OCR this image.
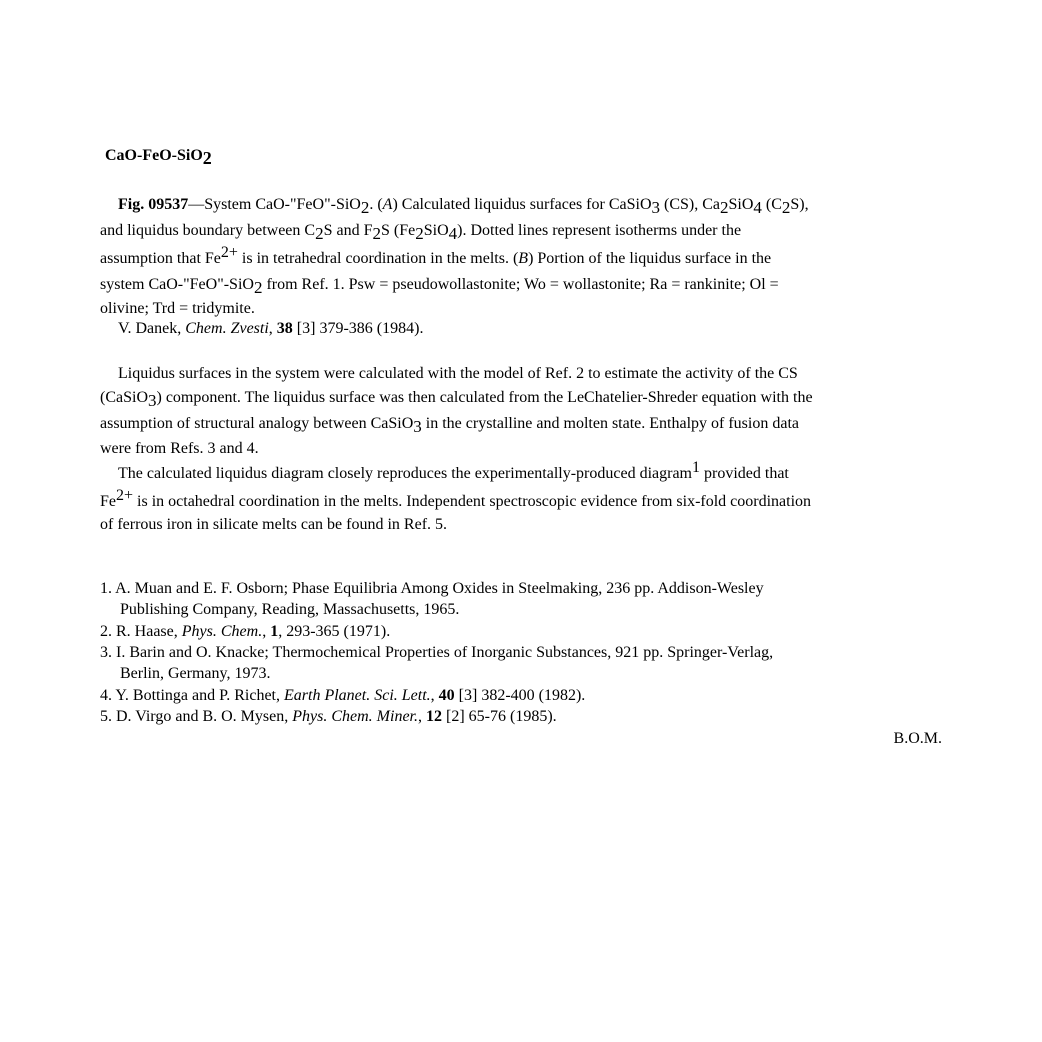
CaO-FeO-SiO2
Fig. 09537—System CaO-"FeO"-SiO2. (A) Calculated liquidus surfaces for CaSiO3 (CS), Ca2SiO4 (C2S),
and liquidus boundary between C2S and F2S (Fe2SiO4). Dotted lines represent isotherms under the
assumption that Fe2+ is in tetrahedral coordination in the melts. (B) Portion of the liquidus surface in the
system CaO-"FeO"-SiO2 from Ref. 1. Psw = pseudowollastonite; Wo = wollastonite; Ra = rankinite; Ol =
olivine; Trd = tridymite.
V. Danek, Chem. Zvesti, 38 [3] 379-386 (1984).
Liquidus surfaces in the system were calculated with the model of Ref. 2 to estimate the activity of the CS
(CaSiO3) component. The liquidus surface was then calculated from the LeChatelier-Shreder equation with the
assumption of structural analogy between CaSiO3 in the crystalline and molten state. Enthalpy of fusion data
were from Refs. 3 and 4.
The calculated liquidus diagram closely reproduces the experimentally-produced diagram1 provided that
Fe2+ is in octahedral coordination in the melts. Independent spectroscopic evidence from six-fold coordination
of ferrous iron in silicate melts can be found in Ref. 5.
1. A. Muan and E. F. Osborn; Phase Equilibria Among Oxides in Steelmaking, 236 pp. Addison-Wesley
Publishing Company, Reading, Massachusetts, 1965.
2. R. Haase, Phys. Chem., 1, 293-365 (1971).
3. I. Barin and O. Knacke; Thermochemical Properties of Inorganic Substances, 921 pp. Springer-Verlag,
Berlin, Germany, 1973.
4. Y. Bottinga and P. Richet, Earth Planet. Sci. Lett., 40 [3] 382-400 (1982).
5. D. Virgo and B. O. Mysen, Phys. Chem. Miner., 12 [2] 65-76 (1985).
B.O.M.
